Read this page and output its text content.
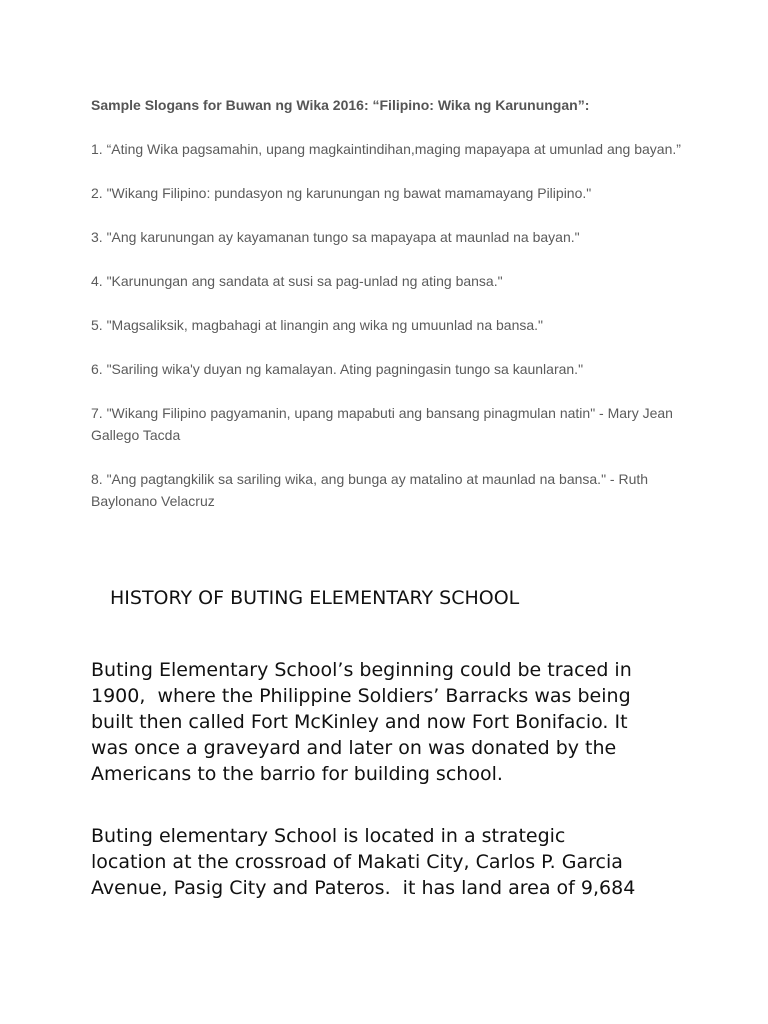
Sample Slogans for Buwan ng Wika 2016: “Filipino: Wika ng Karunungan”:
1. “Ating Wika pagsamahin, upang magkaintindihan,maging mapayapa at umunlad ang bayan.”
2. "Wikang Filipino: pundasyon ng karunungan ng bawat mamamayang Pilipino."
3. "Ang karunungan ay kayamanan tungo sa mapayapa at maunlad na bayan."
4. "Karunungan ang sandata at susi sa pag-unlad ng ating bansa."
5. "Magsaliksik, magbahagi at linangin ang wika ng umuunlad na bansa."
6. "Sariling wika'y duyan ng kamalayan. Ating pagningasin tungo sa kaunlaran."
7. "Wikang Filipino pagyamanin, upang mapabuti ang bansang pinagmulan natin" - Mary Jean Gallego Tacda
8. "Ang pagtangkilik sa sariling wika, ang bunga ay matalino at maunlad na bansa." - Ruth Baylonano Velacruz
HISTORY OF BUTING ELEMENTARY SCHOOL

Buting Elementary School’s beginning could be traced in
1900,  where the Philippine Soldiers’ Barracks was being
built then called Fort McKinley and now Fort Bonifacio. It
was once a graveyard and later on was donated by the
Americans to the barrio for building school.

Buting elementary School is located in a strategic
location at the crossroad of Makati City, Carlos P. Garcia
Avenue, Pasig City and Pateros.  it has land area of 9,684
